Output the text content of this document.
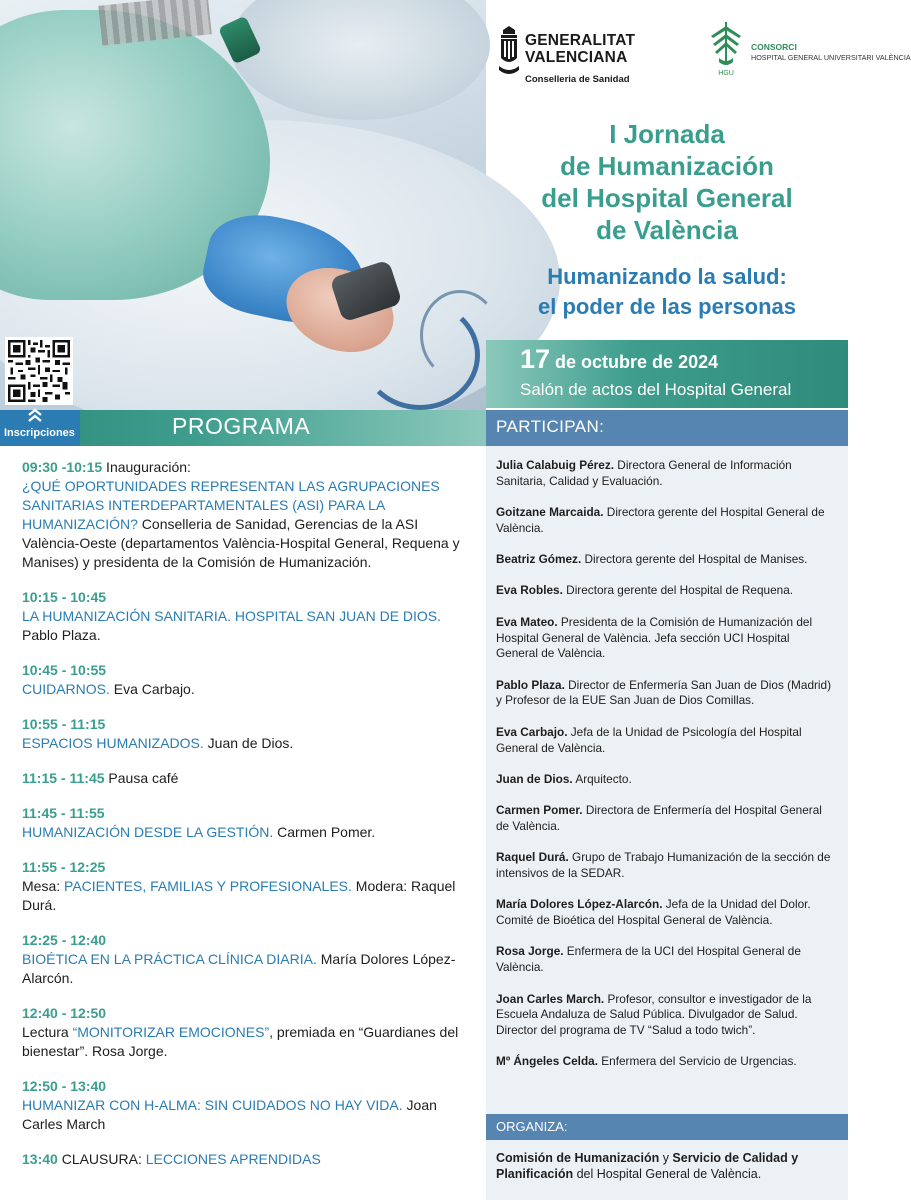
GENERALITAT
VALENCIANA
Conselleria de Sanidad
HGU
CONSORCI
HOSPITAL GENERAL UNIVERSITARI VALÈNCIA
I Jornada
de Humanización
del Hospital General
de València
Humanizando la salud:
el poder de las personas
17 de octubre de 2024
Salón de actos del Hospital General
PROGRAMA
Inscripciones
09:30 -10:15 Inauguración:
¿QUÉ OPORTUNIDADES REPRESENTAN LAS AGRUPACIONES SANITARIAS INTERDEPARTAMENTALES (ASI) PARA LA HUMANIZACIÓN? Conselleria de Sanidad, Gerencias de la ASI València-Oeste (departamentos València-Hospital General, Requena y Manises) y presidenta de la Comisión de Humanización.
10:15 - 10:45
LA HUMANIZACIÓN SANITARIA. HOSPITAL SAN JUAN DE DIOS. Pablo Plaza.
10:45 - 10:55
CUIDARNOS. Eva Carbajo.
10:55 - 11:15
ESPACIOS HUMANIZADOS. Juan de Dios.
11:15 - 11:45 Pausa café
11:45 - 11:55
HUMANIZACIÓN DESDE LA GESTIÓN. Carmen Pomer.
11:55 - 12:25
Mesa: PACIENTES, FAMILIAS Y PROFESIONALES. Modera: Raquel Durá.
12:25 - 12:40
BIOÉTICA EN LA PRÁCTICA CLÍNICA DIARIA. María Dolores López-Alarcón.
12:40 - 12:50
Lectura “MONITORIZAR EMOCIONES”, premiada en “Guardianes del bienestar”. Rosa Jorge.
12:50 - 13:40
HUMANIZAR CON H-ALMA: SIN CUIDADOS NO HAY VIDA. Joan Carles March
13:40 CLAUSURA: LECCIONES APRENDIDAS
PARTICIPAN:
Julia Calabuig Pérez. Directora General de Información Sanitaria, Calidad y Evaluación.
Goitzane Marcaida. Directora gerente del Hospital General de València.
Beatriz Gómez. Directora gerente del Hospital de Manises.
Eva Robles. Directora gerente del Hospital de Requena.
Eva Mateo. Presidenta de la Comisión de Humanización del Hospital General de València. Jefa sección UCI Hospital General de València.
Pablo Plaza. Director de Enfermería San Juan de Dios (Madrid) y Profesor de la EUE San Juan de Dios Comillas.
Eva Carbajo. Jefa de la Unidad de Psicología del Hospital General de València.
Juan de Dios. Arquitecto.
Carmen Pomer. Directora de Enfermería del Hospital General de València.
Raquel Durá. Grupo de Trabajo Humanización de la sección de intensivos de la SEDAR.
María Dolores López-Alarcón. Jefa de la Unidad del Dolor. Comité de Bioética del Hospital General de València.
Rosa Jorge. Enfermera de la UCI del Hospital General de València.
Joan Carles March. Profesor, consultor e investigador de la Escuela Andaluza de Salud Pública. Divulgador de Salud. Director del programa de TV “Salud a todo twich”.
Mº Ángeles Celda. Enfermera del Servicio de Urgencias.
ORGANIZA:
Comisión de Humanización y Servicio de Calidad y Planificación del Hospital General de València.
